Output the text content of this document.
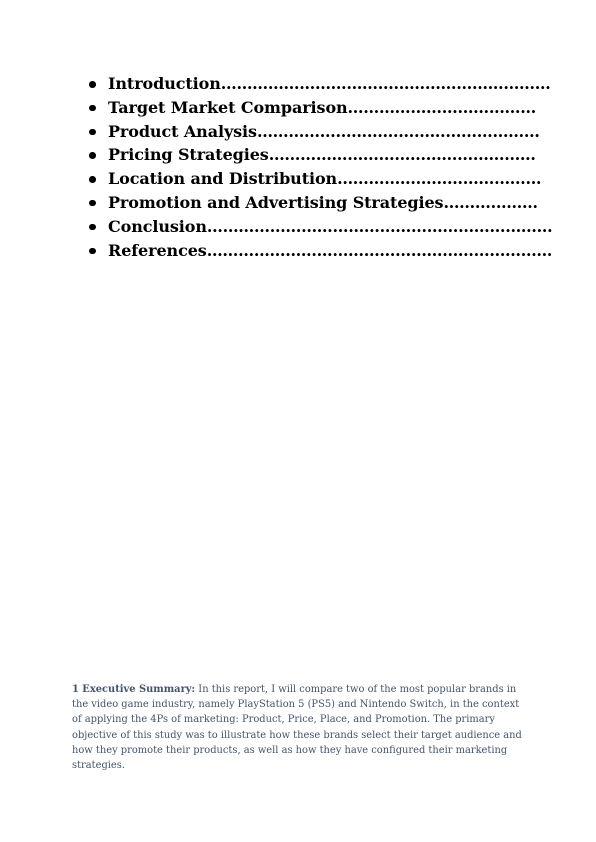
Introduction………………………………………………………
Target Market Comparison………………………………
Product Analysis………………………………………………
Pricing Strategies……………………………………………
Location and Distribution…………………………………
Promotion and Advertising Strategies………………
Conclusion…………………………………………………………
References…………………………………………………………

1 Executive Summary: In this report, I will compare two of the most popular brands in the video game industry, namely PlayStation 5 (PS5) and Nintendo Switch, in the context of applying the 4Ps of marketing: Product, Price, Place, and Promotion. The primary objective of this study was to illustrate how these brands select their target audience and how they promote their products, as well as how they have configured their marketing strategies.
